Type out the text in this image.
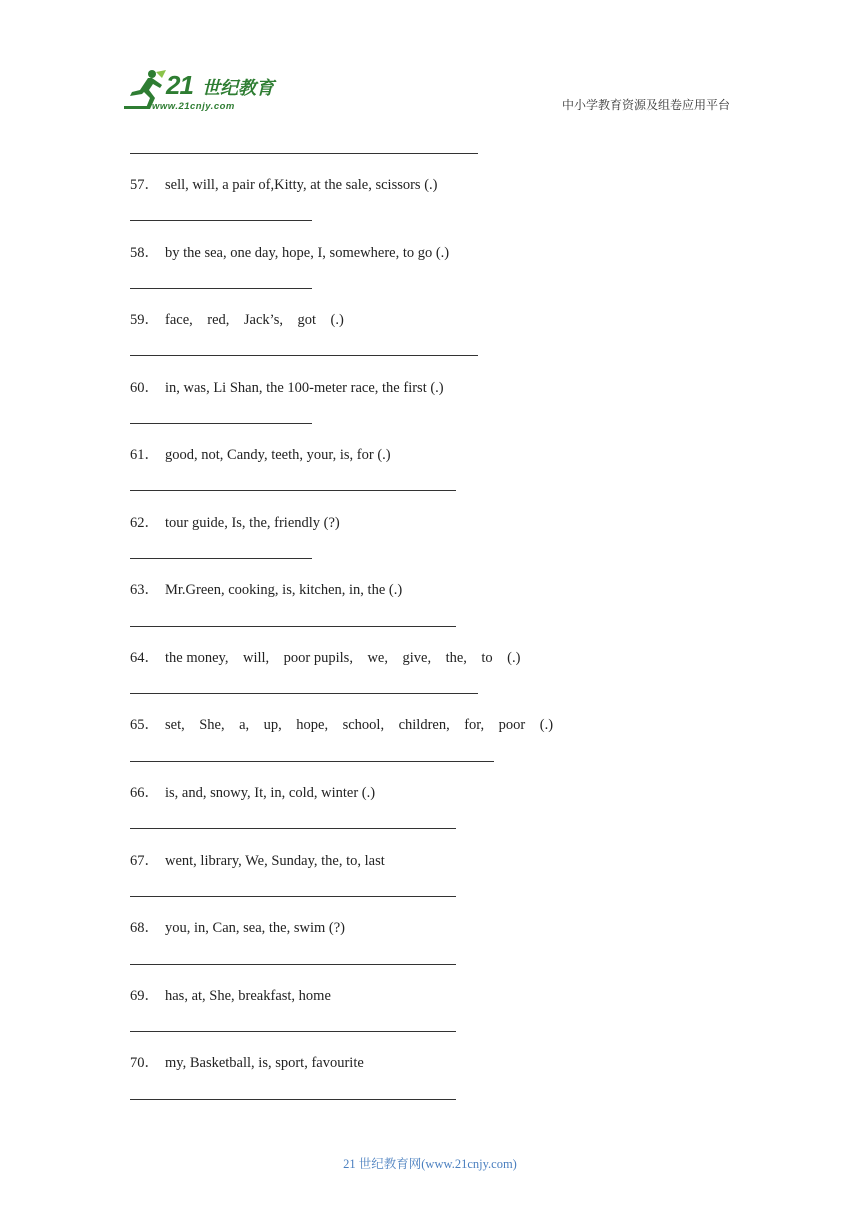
21 世纪教育
www.21cnjy.com	中小学教育资源及组卷应用平台
57． sell, will, a pair of,Kitty, at the sale, scissors (.)
58． by the sea, one day, hope, I, somewhere, to go (.)
59． face,    red,    Jack’s,    got    (.)
60． in, was, Li Shan, the 100-meter race, the first (.)
61． good, not, Candy, teeth, your, is, for (.)
62． tour guide, Is, the, friendly (?)
63． Mr.Green, cooking, is, kitchen, in, the (.)
64． the money,    will,    poor pupils,    we,    give,    the,    to    (.)
65． set,    She,    a,    up,    hope,    school,    children,    for,    poor    (.)
66． is, and, snowy, It, in, cold, winter (.)
67． went, library, We, Sunday, the, to, last
68． you, in, Can, sea, the, swim (?)
69． has, at, She, breakfast, home
70． my, Basketball, is, sport, favourite
21 世纪教育网(www.21cnjy.com)
